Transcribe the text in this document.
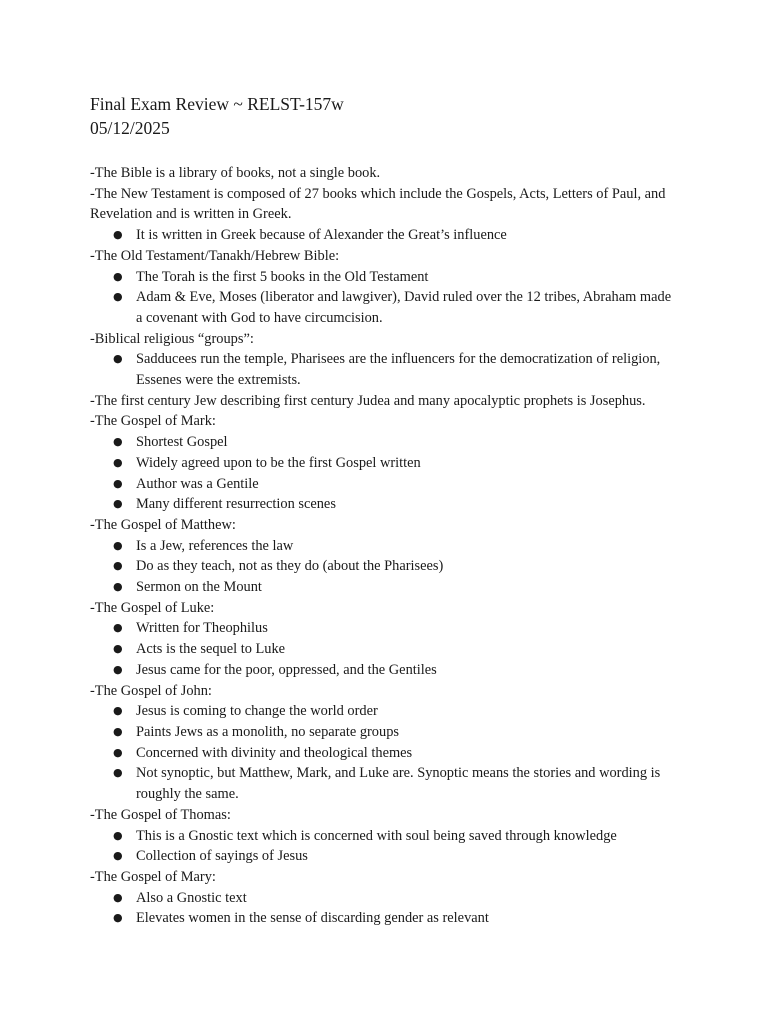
Final Exam Review ~ RELST-157w
05/12/2025
-The Bible is a library of books, not a single book.
-The New Testament is composed of 27 books which include the Gospels, Acts, Letters of Paul, and Revelation and is written in Greek.
● It is written in Greek because of Alexander the Great’s influence
-The Old Testament/Tanakh/Hebrew Bible:
● The Torah is the first 5 books in the Old Testament
● Adam & Eve, Moses (liberator and lawgiver), David ruled over the 12 tribes, Abraham made a covenant with God to have circumcision.
-Biblical religious “groups”:
● Sadducees run the temple, Pharisees are the influencers for the democratization of religion, Essenes were the extremists.
-The first century Jew describing first century Judea and many apocalyptic prophets is Josephus.
-The Gospel of Mark:
● Shortest Gospel
● Widely agreed upon to be the first Gospel written
● Author was a Gentile
● Many different resurrection scenes
-The Gospel of Matthew:
● Is a Jew, references the law
● Do as they teach, not as they do (about the Pharisees)
● Sermon on the Mount
-The Gospel of Luke:
● Written for Theophilus
● Acts is the sequel to Luke
● Jesus came for the poor, oppressed, and the Gentiles
-The Gospel of John:
● Jesus is coming to change the world order
● Paints Jews as a monolith, no separate groups
● Concerned with divinity and theological themes
● Not synoptic, but Matthew, Mark, and Luke are. Synoptic means the stories and wording is roughly the same.
-The Gospel of Thomas:
● This is a Gnostic text which is concerned with soul being saved through knowledge
● Collection of sayings of Jesus
-The Gospel of Mary:
● Also a Gnostic text
● Elevates women in the sense of discarding gender as relevant
